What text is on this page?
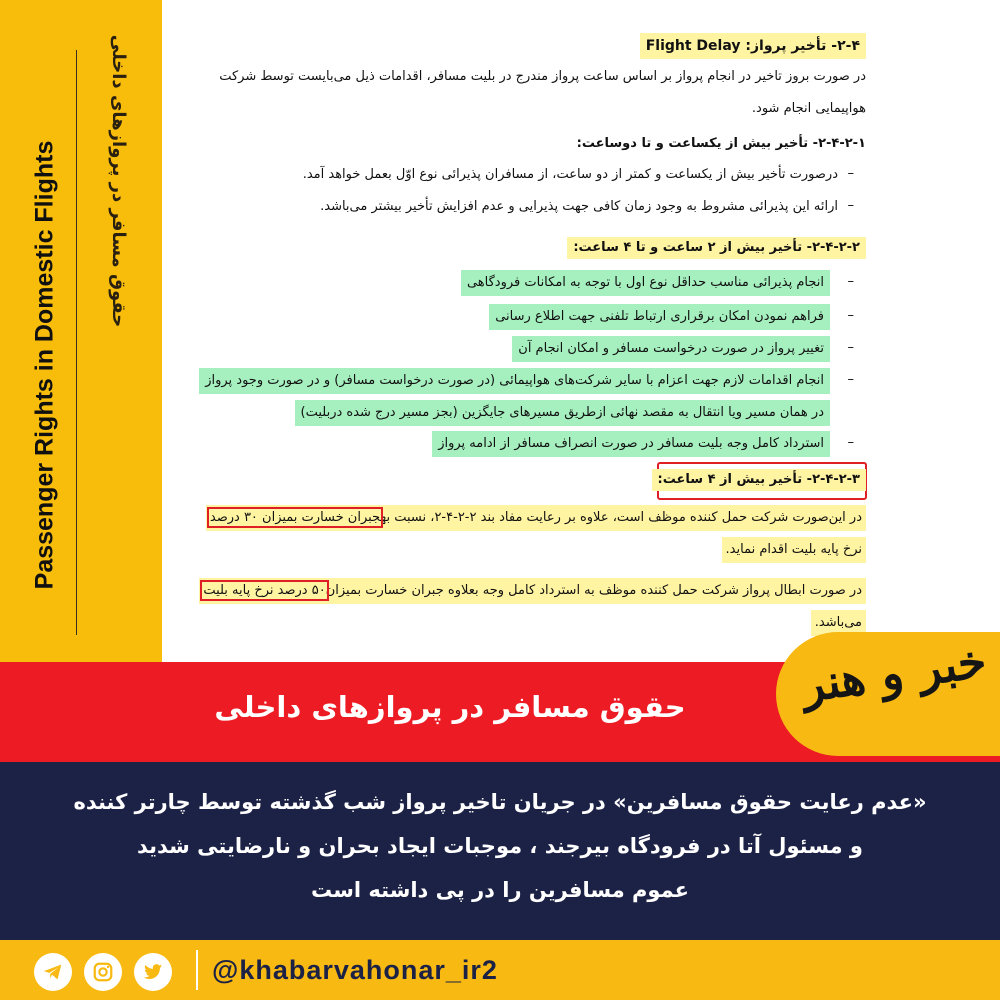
Passenger Rights in Domestic Flights	حقوق مسافر در پروازهای داخلی	۲-۴- تأخیر پرواز: Flight Delay
در صورت بروز تاخیر در انجام پرواز بر اساس ساعت پرواز مندرج در بلیت مسافر، اقدامات ذیل می‌بایست توسط شرکت
هواپیمایی انجام شود.
۲-۴-۲-۱- تأخیر بیش از یکساعت و تا دوساعت:
–
درصورت تأخیر بیش از یکساعت و کمتر از دو ساعت، از مسافران پذیرائی نوع اوّل بعمل خواهد آمد.
–
ارائه این پذیرائی مشروط به وجود زمان کافی جهت پذیرایی و عدم افزایش تأخیر بیشتر می‌باشد.
۲-۴-۲-۲- تأخیر بیش از ۲ ساعت و تا ۴ ساعت:
–
انجام پذیرائی مناسب حداقل نوع اول با توجه به امکانات فرودگاهی
–
فراهم نمودن امکان برقراری ارتباط تلفنی جهت اطلاع رسانی
–
تغییر پرواز در صورت درخواست مسافر و امکان انجام آن
–
انجام اقدامات لازم جهت اعزام با سایر شرکت‌های هواپیمائی (در صورت درخواست مسافر) و در صورت وجود پرواز
در همان مسیر ویا انتقال به مقصد نهائی ازطریق مسیرهای جایگزین (بجز مسیر درج شده دربلیت)
–
استرداد کامل وجه بلیت مسافر در صورت انصراف مسافر از ادامه پرواز
۲-۴-۲-۳- تأخیر بیش از ۴ ساعت:
در این‌صورت شرکت حمل کننده موظف است، علاوه بر رعایت مفاد بند ۲-۲-۴-۲، نسبت بهجبران خسارت بمیزان ۳۰ درصد
نرخ پایه بلیت اقدام نماید.
در صورت ابطال پرواز شرکت حمل کننده موظف به استرداد کامل وجه بعلاوه جبران خسارت بمیزان۵۰ درصد نرخ پایه بلیت
می‌باشد.
حقوق مسافر در پروازهای داخلی	خبر و هنر
«عدم رعایت حقوق مسافرین» در جریان تاخیر پرواز شب گذشته توسط چارتر کننده
و مسئول آتا در فرودگاه بیرجند ، موجبات ایجاد بحران و نارضایتی شدید
عموم مسافرین را در پی داشته است
@khabarvahonar_ir2
